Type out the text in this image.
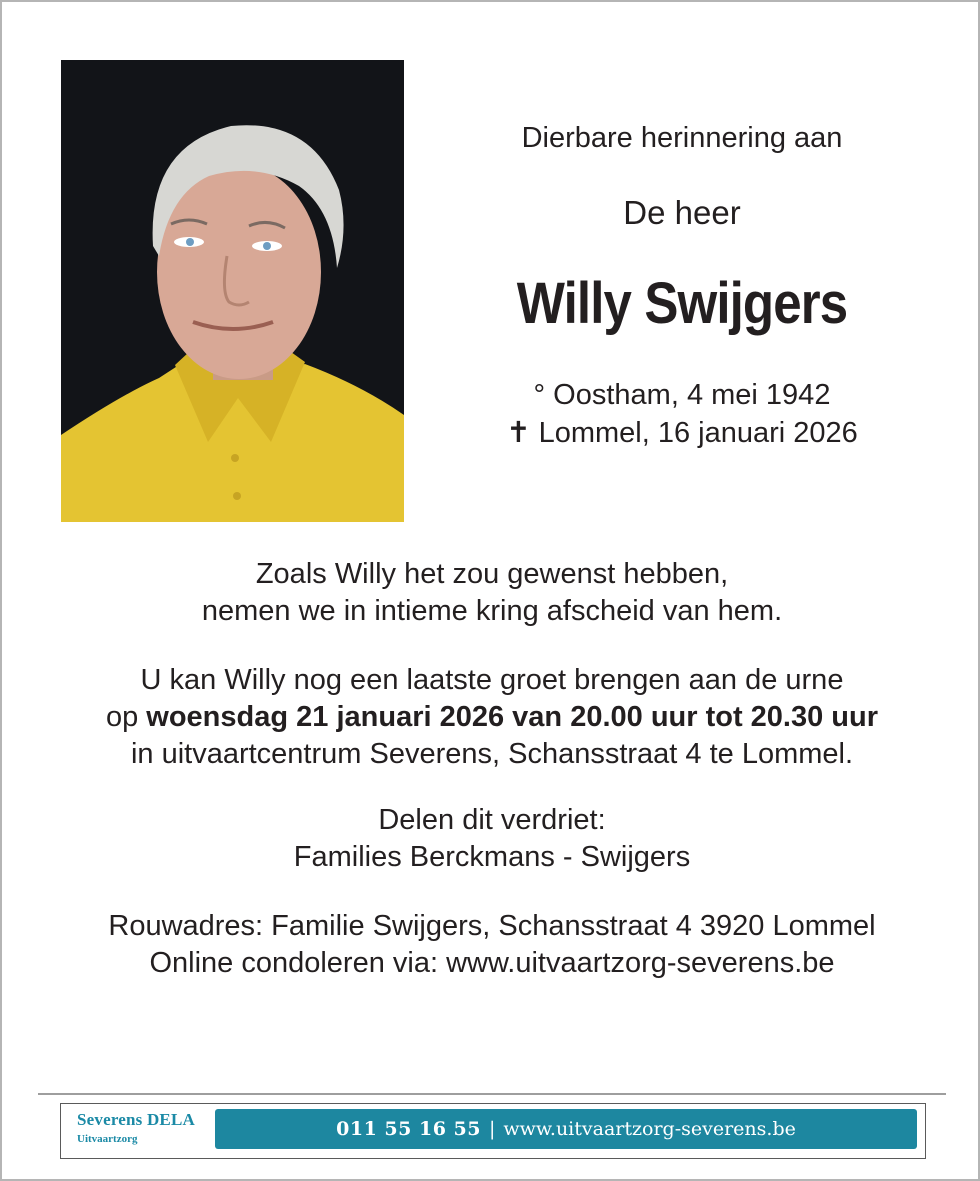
Dierbare herinnering aan
De heer
Willy Swijgers
° Oostham, 4 mei 1942
✝ Lommel, 16 januari 2026
Zoals Willy het zou gewenst hebben,
nemen we in intieme kring afscheid van hem.
U kan Willy nog een laatste groet brengen aan de urne
op woensdag 21 januari 2026 van 20.00 uur tot 20.30 uur
in uitvaartcentrum Severens, Schansstraat 4 te Lommel.
Delen dit verdriet:
Families Berckmans - Swijgers
Rouwadres: Familie Swijgers, Schansstraat 4 3920 Lommel
Online condoleren via: www.uitvaartzorg-severens.be
Severens DELA
Uitvaartzorg	011 55 16 55 | www.uitvaartzorg-severens.be
